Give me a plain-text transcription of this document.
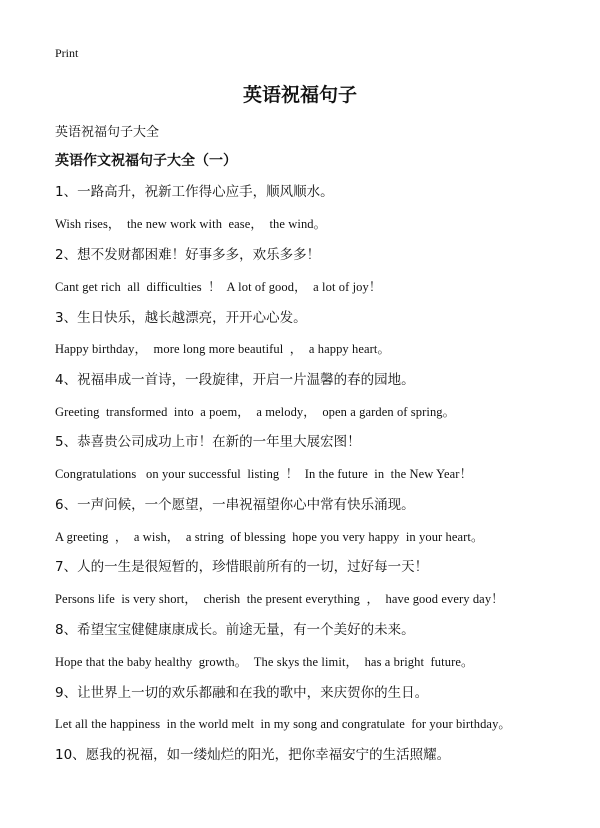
Print
英语祝福句子
英语祝福句子大全
英语作文祝福句子大全（一）
1、一路高升，祝新工作得心应手，顺风顺水。
Wish rises，  the new work with  ease，  the wind。
2、想不发财都困难！好事多多，欢乐多多！
Cant get rich  all  difficulties  ！  A lot of good，  a lot of joy！
3、生日快乐，越长越漂亮，开开心心发。
Happy birthday，  more long more beautiful  ，  a happy heart。
4、祝福串成一首诗，一段旋律，开启一片温馨的春的园地。
Greeting  transformed  into  a poem，  a melody，  open a garden of spring。
5、恭喜贵公司成功上市！在新的一年里大展宏图！
Congratulations   on your successful  listing  ！  In the future  in  the New Year！
6、一声问候，一个愿望，一串祝福望你心中常有快乐涌现。
A greeting  ，  a wish，  a string  of blessing  hope you very happy  in your heart。
7、人的一生是很短暂的，珍惜眼前所有的一切，过好每一天！
Persons life  is very short，  cherish  the present everything  ，  have good every day！
8、希望宝宝健健康康成长。前途无量，有一个美好的未来。
Hope that the baby healthy  growth。  The skys the limit，  has a bright  future。
9、让世界上一切的欢乐都融和在我的歌中，来庆贺你的生日。
Let all the happiness  in the world melt  in my song and congratulate  for your birthday。
10、愿我的祝福，如一缕灿烂的阳光，把你幸福安宁的生活照耀。
